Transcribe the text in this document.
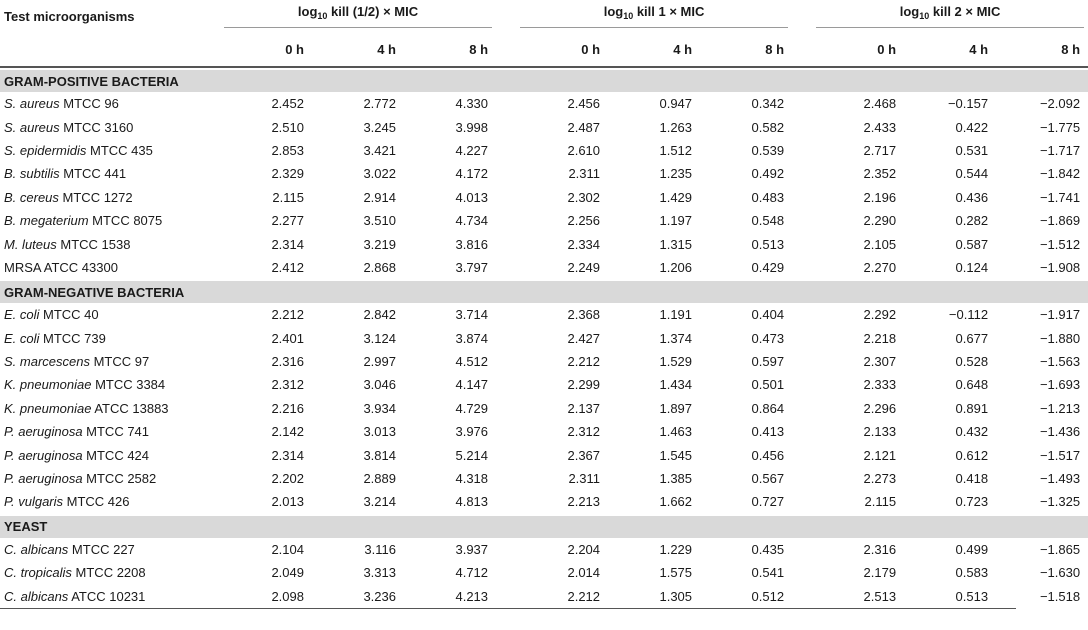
Test microorganisms	$\log_{10}$ kill (1/2) × MIC				$\log_{10}$ kill 1 × MIC				$\log_{10}$ kill 2 × MIC		
	0 h	4 h	8 h		0 h	4 h	8 h		0 h	4 h	8 h

GRAM-POSITIVE BACTERIA											
S. aureus MTCC 96	2.452	2.772	4.330		2.456	0.947	0.342		2.468	−0.157	−2.092
S. aureus MTCC 3160	2.510	3.245	3.998		2.487	1.263	0.582		2.433	0.422	−1.775
S. epidermidis MTCC 435	2.853	3.421	4.227		2.610	1.512	0.539		2.717	0.531	−1.717
B. subtilis MTCC 441	2.329	3.022	4.172		2.311	1.235	0.492		2.352	0.544	−1.842
B. cereus MTCC 1272	2.115	2.914	4.013		2.302	1.429	0.483		2.196	0.436	−1.741
B. megaterium MTCC 8075	2.277	3.510	4.734		2.256	1.197	0.548		2.290	0.282	−1.869
M. luteus MTCC 1538	2.314	3.219	3.816		2.334	1.315	0.513		2.105	0.587	−1.512
MRSA ATCC 43300	2.412	2.868	3.797		2.249	1.206	0.429		2.270	0.124	−1.908

GRAM-NEGATIVE BACTERIA											
E. coli MTCC 40	2.212	2.842	3.714		2.368	1.191	0.404		2.292	−0.112	−1.917
E. coli MTCC 739	2.401	3.124	3.874		2.427	1.374	0.473		2.218	0.677	−1.880
S. marcescens MTCC 97	2.316	2.997	4.512		2.212	1.529	0.597		2.307	0.528	−1.563
K. pneumoniae MTCC 3384	2.312	3.046	4.147		2.299	1.434	0.501		2.333	0.648	−1.693
K. pneumoniae ATCC 13883	2.216	3.934	4.729		2.137	1.897	0.864		2.296	0.891	−1.213
P. aeruginosa MTCC 741	2.142	3.013	3.976		2.312	1.463	0.413		2.133	0.432	−1.436
P. aeruginosa MTCC 424	2.314	3.814	5.214		2.367	1.545	0.456		2.121	0.612	−1.517
P. aeruginosa MTCC 2582	2.202	2.889	4.318		2.311	1.385	0.567		2.273	0.418	−1.493
P. vulgaris MTCC 426	2.013	3.214	4.813		2.213	1.662	0.727		2.115	0.723	−1.325

YEAST											
C. albicans MTCC 227	2.104	3.116	3.937		2.204	1.229	0.435		2.316	0.499	−1.865
C. tropicalis MTCC 2208	2.049	3.313	4.712		2.014	1.575	0.541		2.179	0.583	−1.630
C. albicans ATCC 10231	2.098	3.236	4.213		2.212	1.305	0.512		2.513	0.513	−1.518
